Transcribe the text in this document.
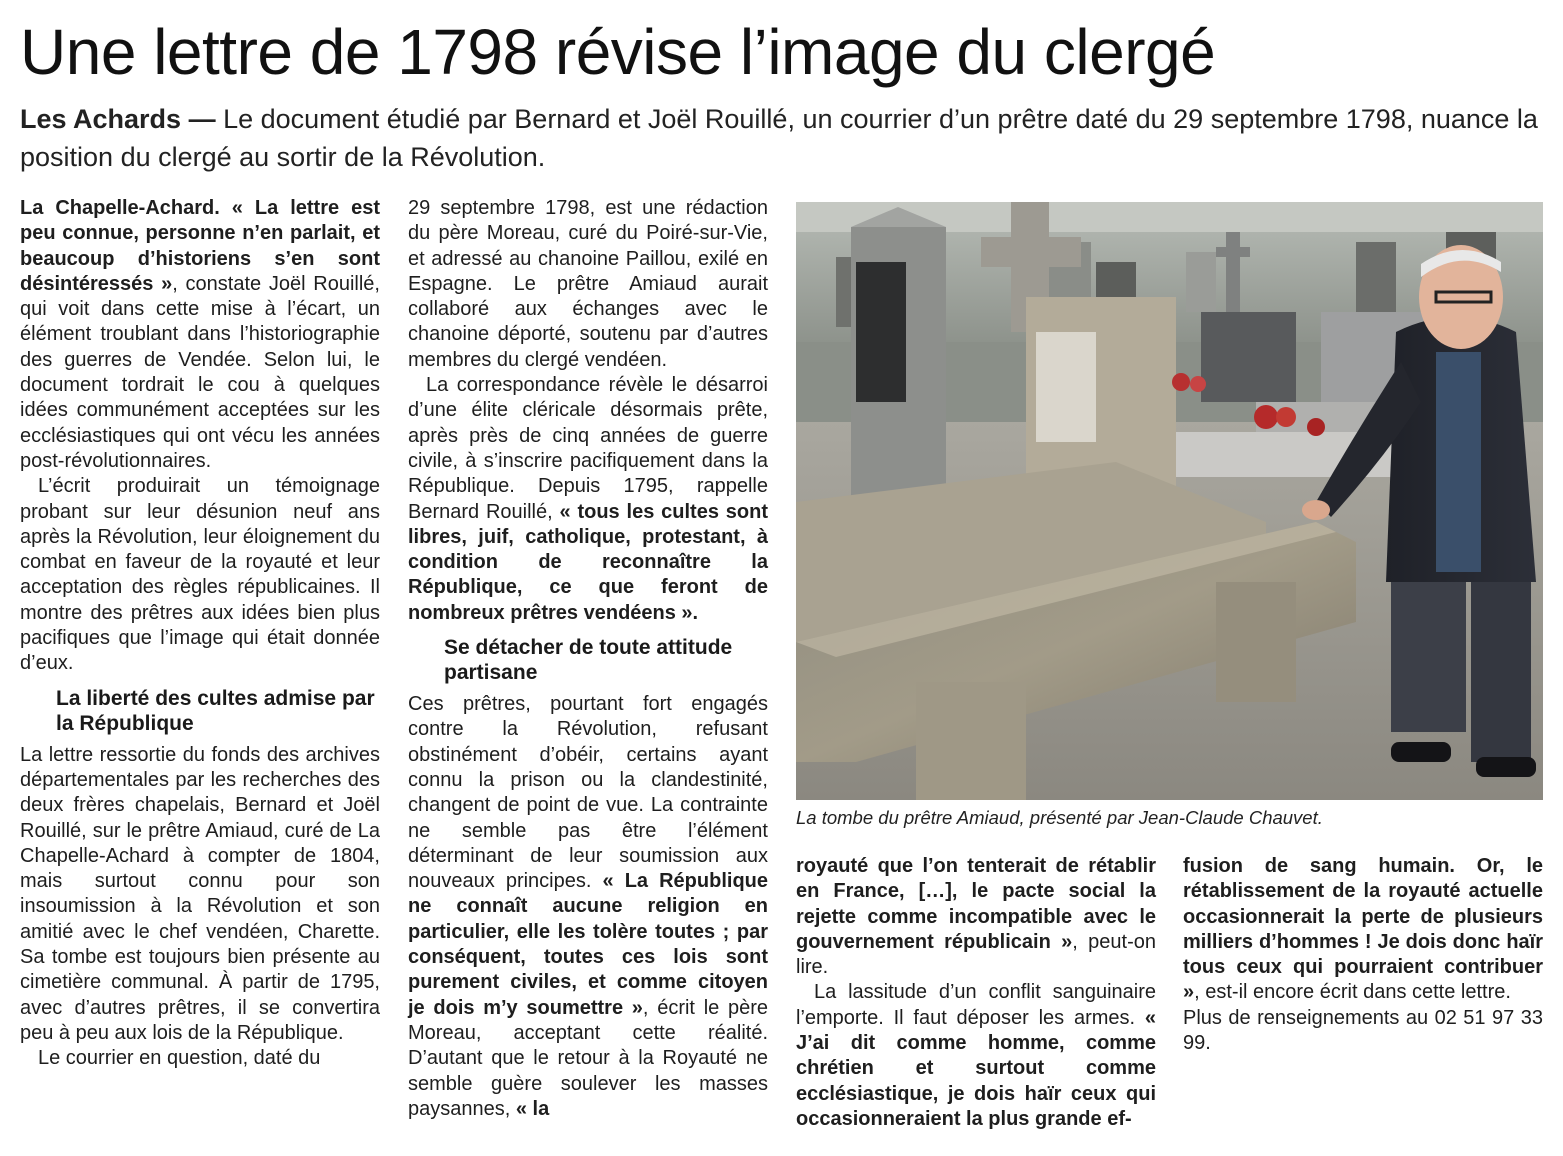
Une lettre de 1798 révise l’image du clergé
Les Achards — Le document étudié par Bernard et Joël Rouillé, un courrier d’un prêtre daté du 29 septembre 1798, nuance la position du clergé au sortir de la Révolution.

La Chapelle-Achard. « La lettre est peu connue, personne n’en parlait, et beaucoup d’historiens s’en sont désintéressés », constate Joël Rouillé, qui voit dans cette mise à l’écart, un élément troublant dans l’historiographie des guerres de Vendée. Selon lui, le document tordrait le cou à quelques idées communément acceptées sur les ecclésiastiques qui ont vécu les années post-révolutionnaires.

L’écrit produirait un témoignage probant sur leur désunion neuf ans après la Révolution, leur éloignement du combat en faveur de la royauté et leur acceptation des règles républicaines. Il montre des prêtres aux idées bien plus pacifiques que l’image qui était donnée d’eux.

La liberté des cultes admise par la République

La lettre ressortie du fonds des archives départementales par les recherches des deux frères chapelais, Bernard et Joël Rouillé, sur le prêtre Amiaud, curé de La Chapelle-Achard à compter de 1804, mais surtout connu pour son insoumission à la Révolution et son amitié avec le chef vendéen, Charette. Sa tombe est toujours bien présente au cimetière communal. À partir de 1795, avec d’autres prêtres, il se convertira peu à peu aux lois de la République.

Le courrier en question, daté du

29 septembre 1798, est une rédaction du père Moreau, curé du Poiré-sur-Vie, et adressé au chanoine Paillou, exilé en Espagne. Le prêtre Amiaud aurait collaboré aux échanges avec le chanoine déporté, soutenu par d’autres membres du clergé vendéen.

La correspondance révèle le désarroi d’une élite cléricale désormais prête, après près de cinq années de guerre civile, à s’inscrire pacifiquement dans la République. Depuis 1795, rappelle Bernard Rouillé, « tous les cultes sont libres, juif, catholique, protestant, à condition de reconnaître la République, ce que feront de nombreux prêtres vendéens ».

Se détacher de toute attitude partisane

Ces prêtres, pourtant fort engagés contre la Révolution, refusant obstinément d’obéir, certains ayant connu la prison ou la clandestinité, changent de point de vue. La contrainte ne semble pas être l’élément déterminant de leur soumission aux nouveaux principes. « La République ne connaît aucune religion en particulier, elle les tolère toutes ; par conséquent, toutes ces lois sont purement civiles, et comme citoyen je dois m’y soumettre », écrit le père Moreau, acceptant cette réalité. D’autant que le retour à la Royauté ne semble guère soulever les masses paysannes, « la

La tombe du prêtre Amiaud, présenté par Jean-Claude Chauvet.

royauté que l’on tenterait de rétablir en France, […], le pacte social la rejette comme incompatible avec le gouvernement républicain », peut-on lire.

La lassitude d’un conflit sanguinaire l’emporte. Il faut déposer les armes. « J’ai dit comme homme, comme chrétien et surtout comme ecclésiastique, je dois haïr ceux qui occasionneraient la plus grande ef-

fusion de sang humain. Or, le rétablissement de la royauté actuelle occasionnerait la perte de plusieurs milliers d’hommes ! Je dois donc haïr tous ceux qui pourraient contribuer », est-il encore écrit dans cette lettre.

Plus de renseignements au 02 51 97 33 99.
